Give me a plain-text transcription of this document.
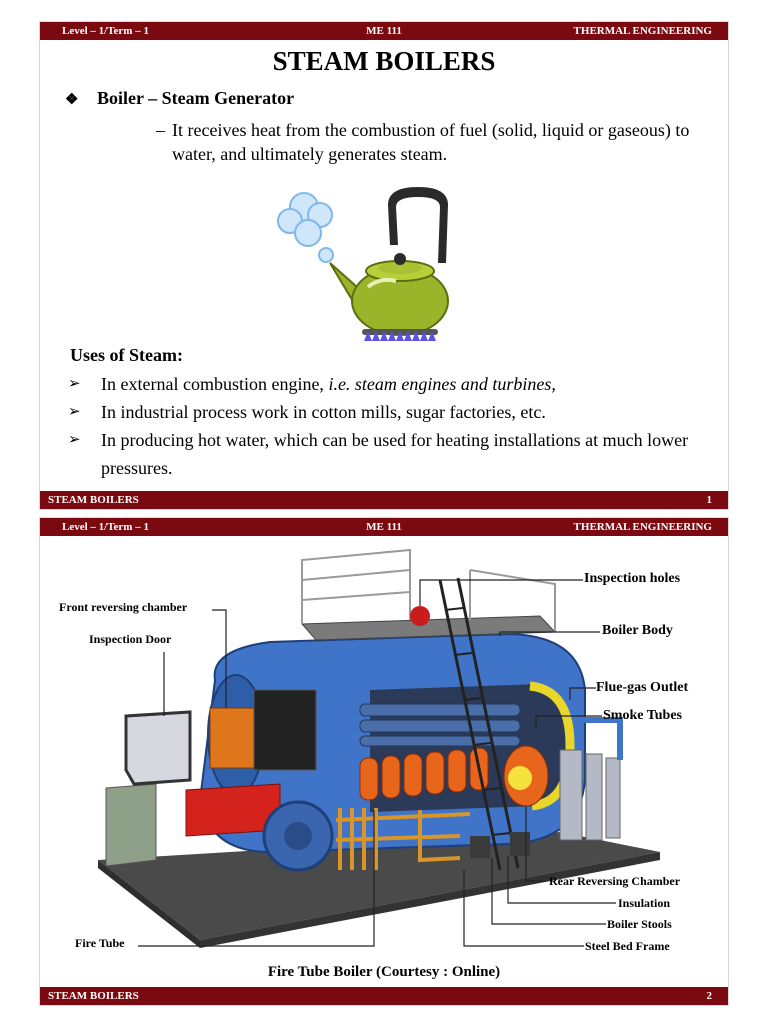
Level – 1/Term – 1	ME 111	THERMAL ENGINEERING
STEAM BOILERS
❖ Boiler – Steam Generator
– It receives heat from the combustion of fuel (solid, liquid or gaseous) to water, and ultimately generates steam.
Uses of Steam:
➢ In external combustion engine, i.e. steam engines and turbines,
➢ In industrial process work in cotton mills, sugar factories, etc.
➢ In producing hot water, which can be used for heating installations at much lower pressures.
STEAM BOILERS	1
Level – 1/Term – 1	ME 111	THERMAL ENGINEERING
Inspection holes
Boiler Body
Flue-gas Outlet
Smoke Tubes
Front reversing chamber
Inspection Door
Rear Reversing Chamber
Insulation
Boiler Stools
Steel Bed Frame
Fire Tube
Fire Tube Boiler (Courtesy : Online)
STEAM BOILERS	2
